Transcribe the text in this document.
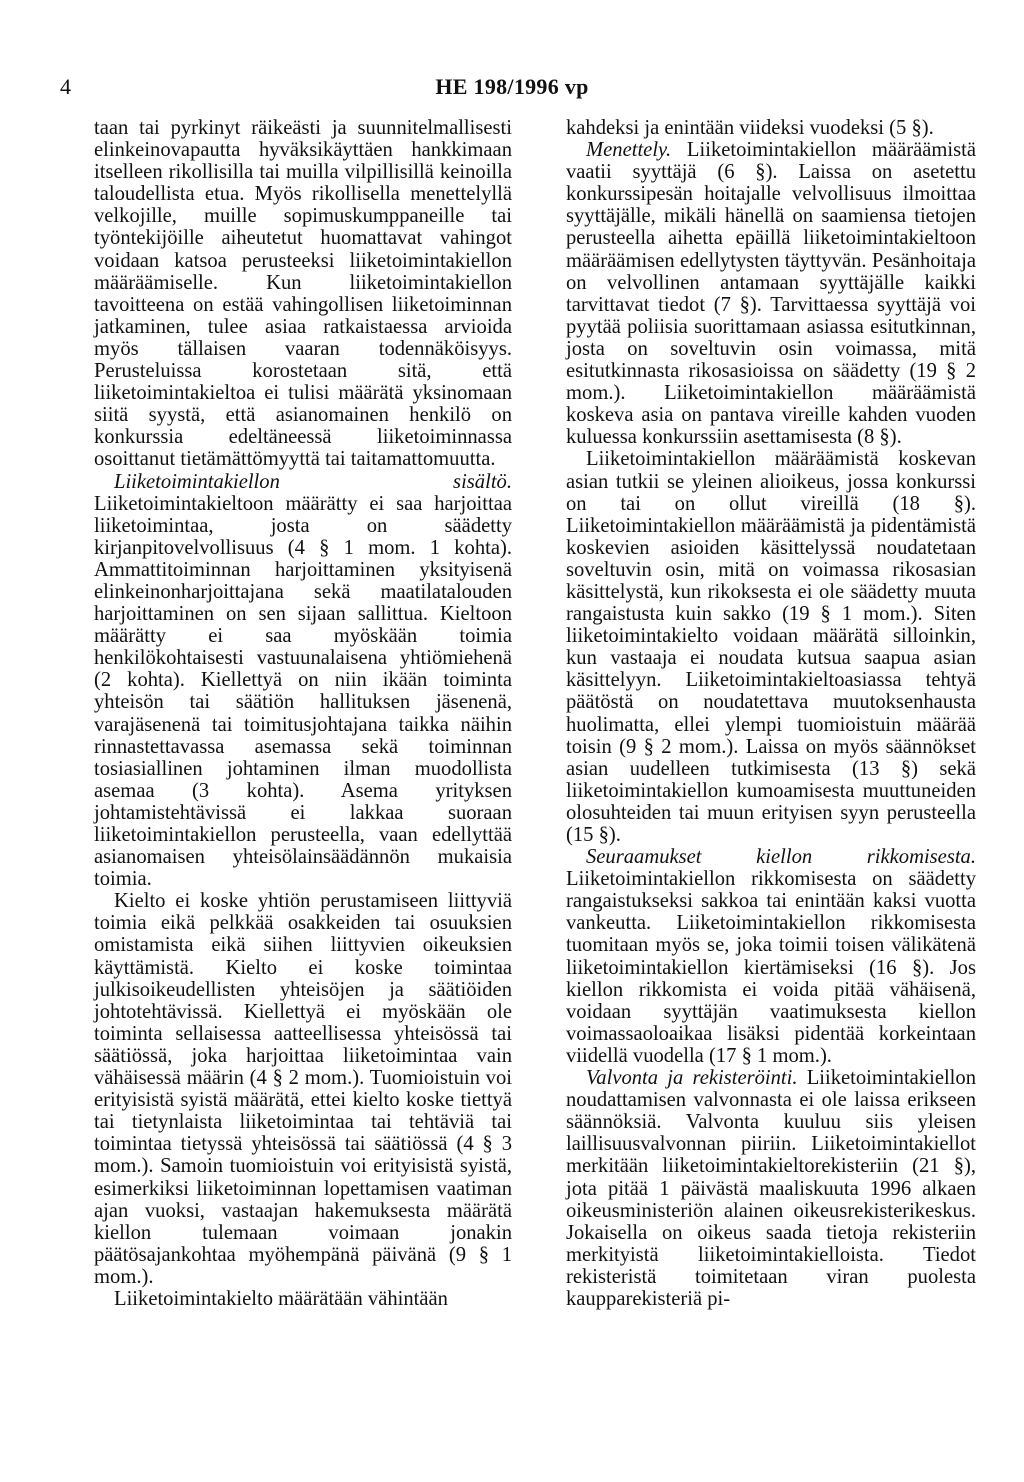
4	HE 198/1996 vp

taan tai pyrkinyt räikeästi ja suunnitelmallisesti elinkeinovapautta hyväksikäyttäen hankkimaan itselleen rikollisilla tai muilla vilpillisillä keinoilla taloudellista etua. Myös rikollisella menettelyllä velkojille, muille sopimuskumppaneille tai työntekijöille aiheutetut huomattavat vahingot voidaan katsoa perusteeksi liiketoimintakiellon määräämiselle. Kun liiketoimintakiellon tavoitteena on estää vahingollisen liiketoiminnan jatkaminen, tulee asiaa ratkaistaessa arvioida myös tällaisen vaaran todennäköisyys. Perusteluissa korostetaan sitä, että liiketoimintakieltoa ei tulisi määrätä yksinomaan siitä syystä, että asianomainen henkilö on konkurssia edeltäneessä liiketoiminnassa osoittanut tietämättömyyttä tai taitamattomuutta.

Liiketoimintakiellon sisältö. Liiketoimintakieltoon määrätty ei saa harjoittaa liiketoimintaa, josta on säädetty kirjanpitovelvollisuus (4 § 1 mom. 1 kohta). Ammattitoiminnan harjoittaminen yksityisenä elinkeinonharjoittajana sekä maatilatalouden harjoittaminen on sen sijaan sallittua. Kieltoon määrätty ei saa myöskään toimia henkilökohtaisesti vastuunalaisena yhtiömiehenä (2 kohta). Kiellettyä on niin ikään toiminta yhteisön tai säätiön hallituksen jäsenenä, varajäsenenä tai toimitusjohtajana taikka näihin rinnastettavassa asemassa sekä toiminnan tosiasiallinen johtaminen ilman muodollista asemaa (3 kohta). Asema yrityksen johtamistehtävissä ei lakkaa suoraan liiketoimintakiellon perusteella, vaan edellyttää asianomaisen yhteisölainsäädännön mukaisia toimia.

Kielto ei koske yhtiön perustamiseen liittyviä toimia eikä pelkkää osakkeiden tai osuuksien omistamista eikä siihen liittyvien oikeuksien käyttämistä. Kielto ei koske toimintaa julkisoikeudellisten yhteisöjen ja säätiöiden johtotehtävissä. Kiellettyä ei myöskään ole toiminta sellaisessa aatteellisessa yhteisössä tai säätiössä, joka harjoittaa liiketoimintaa vain vähäisessä määrin (4 § 2 mom.). Tuomioistuin voi erityisistä syistä määrätä, ettei kielto koske tiettyä tai tietynlaista liiketoimintaa tai tehtäviä tai toimintaa tietyssä yhteisössä tai säätiössä (4 § 3 mom.). Samoin tuomioistuin voi erityisistä syistä, esimerkiksi liiketoiminnan lopettamisen vaatiman ajan vuoksi, vastaajan hakemuksesta määrätä kiellon tulemaan voimaan jonakin päätösajankohtaa myöhempänä päivänä (9 § 1 mom.).

Liiketoimintakielto määrätään vähintään

kahdeksi ja enintään viideksi vuodeksi (5 §).

Menettely. Liiketoimintakiellon määräämistä vaatii syyttäjä (6 §). Laissa on asetettu konkurssipesän hoitajalle velvollisuus ilmoittaa syyttäjälle, mikäli hänellä on saamiensa tietojen perusteella aihetta epäillä liiketoimintakieltoon määräämisen edellytysten täyttyvän. Pesänhoitaja on velvollinen antamaan syyttäjälle kaikki tarvittavat tiedot (7 §). Tarvittaessa syyttäjä voi pyytää poliisia suorittamaan asiassa esitutkinnan, josta on soveltuvin osin voimassa, mitä esitutkinnasta rikosasioissa on säädetty (19 § 2 mom.). Liiketoimintakiellon määräämistä koskeva asia on pantava vireille kahden vuoden kuluessa konkurssiin asettamisesta (8 §).

Liiketoimintakiellon määräämistä koskevan asian tutkii se yleinen alioikeus, jossa konkurssi on tai on ollut vireillä (18 §). Liiketoimintakiellon määräämistä ja pidentämistä koskevien asioiden käsittelyssä noudatetaan soveltuvin osin, mitä on voimassa rikosasian käsittelystä, kun rikoksesta ei ole säädetty muuta rangaistusta kuin sakko (19 § 1 mom.). Siten liiketoimintakielto voidaan määrätä silloinkin, kun vastaaja ei noudata kutsua saapua asian käsittelyyn. Liiketoimintakieltoasiassa tehtyä päätöstä on noudatettava muutoksenhausta huolimatta, ellei ylempi tuomioistuin määrää toisin (9 § 2 mom.). Laissa on myös säännökset asian uudelleen tutkimisesta (13 §) sekä liiketoimintakiellon kumoamisesta muuttuneiden olosuhteiden tai muun erityisen syyn perusteella (15 §).

Seuraamukset kiellon rikkomisesta. Liiketoimintakiellon rikkomisesta on säädetty rangaistukseksi sakkoa tai enintään kaksi vuotta vankeutta. Liiketoimintakiellon rikkomisesta tuomitaan myös se, joka toimii toisen välikätenä liiketoimintakiellon kiertämiseksi (16 §). Jos kiellon rikkomista ei voida pitää vähäisenä, voidaan syyttäjän vaatimuksesta kiellon voimassaoloaikaa lisäksi pidentää korkeintaan viidellä vuodella (17 § 1 mom.).

Valvonta ja rekisteröinti. Liiketoimintakiellon noudattamisen valvonnasta ei ole laissa erikseen säännöksiä. Valvonta kuuluu siis yleisen laillisuusvalvonnan piiriin. Liiketoimintakiellot merkitään liiketoimintakieltorekisteriin (21 §), jota pitää 1 päivästä maaliskuuta 1996 alkaen oikeusministeriön alainen oikeusrekisterikeskus. Jokaisella on oikeus saada tietoja rekisteriin merkityistä liiketoimintakielloista. Tiedot rekisteristä toimitetaan viran puolesta kaupparekisteriä pi-
